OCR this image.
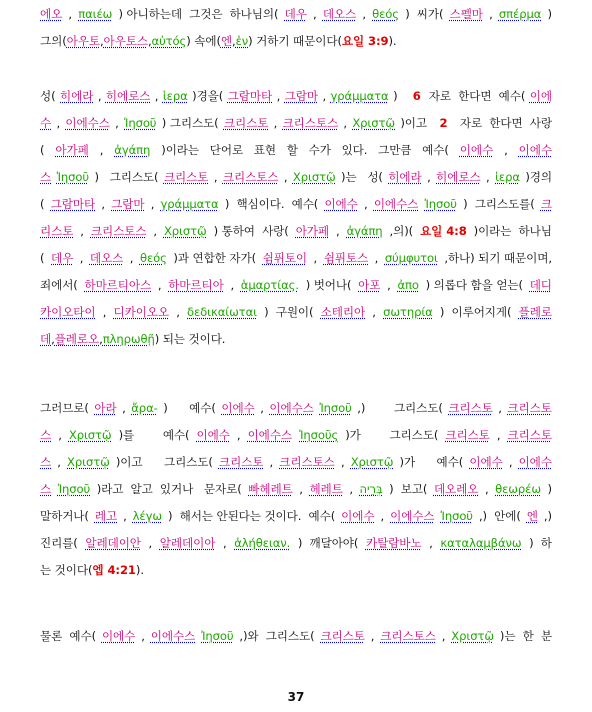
37
에오 , παιέω ) 아니하는데  그것은  하나님의( 데우 , 데오스 , θεός )  씨가( 스펠마 , σπέρμα )
그의( 아우토 , 아우토스 , αὐτός ) 속에( 엔 , ἐν ) 거하기 때문이다( 요일 3:9 ).
성( 히에라 , 히에로스 , ἱερα )경을( 그람마타 , 그람마 , γράμματα ) 6 자로  한다면  예수( 이에
수 , 이에수스 , Ἰησοῦ ) 그리스도( 크리스토 , 크리스토스 , Χριστῷ )이고 2 자로  한다면  사랑
( 아가페 , ἀγάπη )이라는   단어로   표현   할   수가   있다.   그만큼   예수( 이에수 , 이에수
스 Ἰησοῦ )   그리스도( 크리스토 , 크리스토스 , Χριστῷ )는   성( 히에라 , 히에로스 , ἱερα )경의
( 그람마타 , 그람마 , γράμματα )  핵심이다.  예수( 이에수 , 이에수스 Ἰησοῦ )  그리스도를( 크
리스토 , 크리스토스 , Χριστῷ ) 통하여  사랑( 아가페 , ἀγάπη ,의)( 요일 4:8 )이라는  하나님
( 데우 , 데오스 , θεός )과 연합한 자가( 쉼퓌토이 , 쉼퓌토스 , σύμφυτοι ,하나) 되기 때문이며,
죄에서( 하마르티아스 , 하마르티아 , ἁμαρτίας. ) 벗어나( 아포 , ἀπο ) 의롭다 함을 얻는( 데디
카이오타이 , 디카이오오 , δεδικαίωται )  구원이( 소테리아 , σωτηρία )  이루어지게( 플레로
데 , 플레로오 , πληρωθῇ ) 되는 것이다.
그러므로( 아라 , ἄρα- )      예수( 이에수 , 이에수스 Ἰησοῦ ,)        그리스도( 크리스토 , 크리스토
스 , Χριστῷ )를        예수( 이에수 , 이에수스 Ἰησοῦς )가        그리스도( 크리스토 , 크리스토
스 , Χριστῷ )이고      그리스도( 크리스토 , 크리스토스 , Χριστῷ )가      예수( 이에수 , 이에수
스 Ἰησοῦ )라고  알고  있거나   문자로( 빠헤레트 , 헤레트 , בְּרֵיה )  보고( 데오레오 , θεωρέω )
말하거나( 레고 , λέγω )  해서는 안된다는 것이다.  예수( 이에수 , 이에수스 Ἰησοῦ ,)  안에( 엔 ,)
진리를( 알레데이안 , 알레데이아 , ἀλήθειαν. )  깨달아야( 카탈람바노 , καταλαμβάνω )  하
는 것이다( 엡 4:21 ).
물론  예수( 이에수 , 이에수스 Ἰησοῦ ,)와  그리스도( 크리스토 , 크리스토스 , Χριστῷ )는  한  분
